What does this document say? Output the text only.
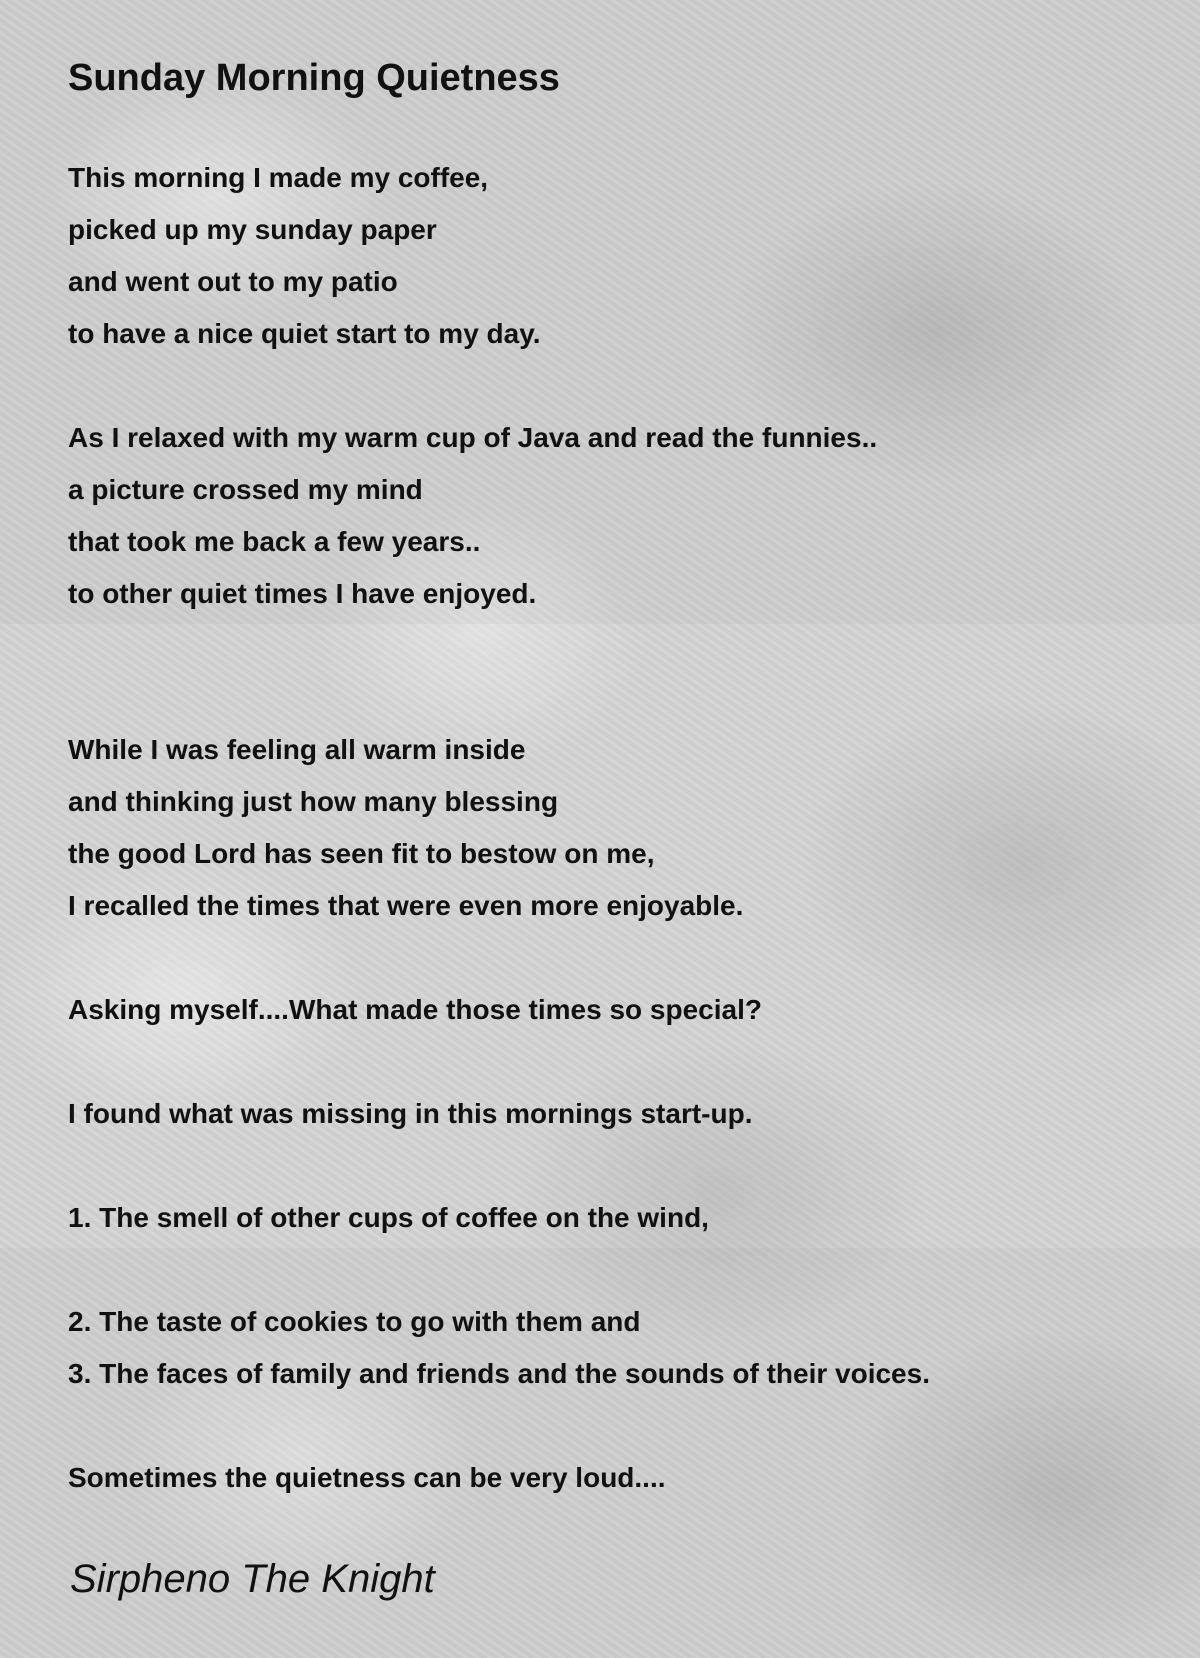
Sunday Morning Quietness
This morning I made my coffee,
picked up my sunday paper
and went out to my patio
to have a nice quiet start to my day.
As I relaxed with my warm cup of Java and read the funnies..
a picture crossed my mind
that took me back a few years..
to other quiet times I have enjoyed.
While I was feeling all warm inside
and thinking just how many blessing
the good Lord has seen fit to bestow on me,
I recalled the times that were even more enjoyable.
Asking myself....What made those times so special?
I found what was missing in this mornings start-up.
1. The smell of other cups of coffee on the wind,
2. The taste of cookies to go with them and
3. The faces of family and friends and the sounds of their voices.
Sometimes the quietness can be very loud....
Sirpheno The Knight
